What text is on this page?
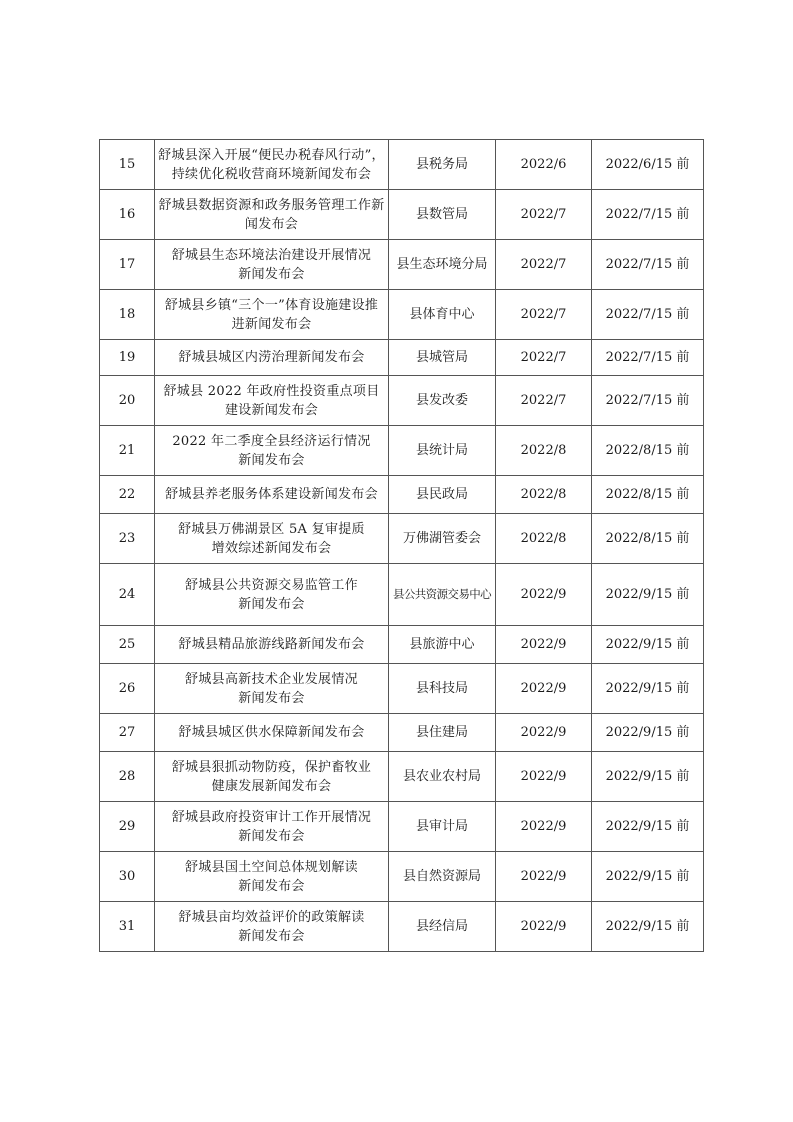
15	舒城县深入开展“便民办税春风行动”，
持续优化税收营商环境新闻发布会	县税务局	2022/6	2022/6/15 前
16	舒城县数据资源和政务服务管理工作新
闻发布会	县数管局	2022/7	2022/7/15 前
17	舒城县生态环境法治建设开展情况
新闻发布会	县生态环境分局	2022/7	2022/7/15 前
18	舒城县乡镇“三个一”体育设施建设推
进新闻发布会	县体育中心	2022/7	2022/7/15 前
19	舒城县城区内涝治理新闻发布会	县城管局	2022/7	2022/7/15 前
20	舒城县 2022 年政府性投资重点项目
建设新闻发布会	县发改委	2022/7	2022/7/15 前
21	2022 年二季度全县经济运行情况
新闻发布会	县统计局	2022/8	2022/8/15 前
22	舒城县养老服务体系建设新闻发布会	县民政局	2022/8	2022/8/15 前
23	舒城县万佛湖景区 5A 复审提质
增效综述新闻发布会	万佛湖管委会	2022/8	2022/8/15 前
24	舒城县公共资源交易监管工作
新闻发布会	县公共资源交易中心	2022/9	2022/9/15 前
25	舒城县精品旅游线路新闻发布会	县旅游中心	2022/9	2022/9/15 前
26	舒城县高新技术企业发展情况
新闻发布会	县科技局	2022/9	2022/9/15 前
27	舒城县城区供水保障新闻发布会	县住建局	2022/9	2022/9/15 前
28	舒城县狠抓动物防疫，保护畜牧业
健康发展新闻发布会	县农业农村局	2022/9	2022/9/15 前
29	舒城县政府投资审计工作开展情况
新闻发布会	县审计局	2022/9	2022/9/15 前
30	舒城县国土空间总体规划解读
新闻发布会	县自然资源局	2022/9	2022/9/15 前
31	舒城县亩均效益评价的政策解读
新闻发布会	县经信局	2022/9	2022/9/15 前
